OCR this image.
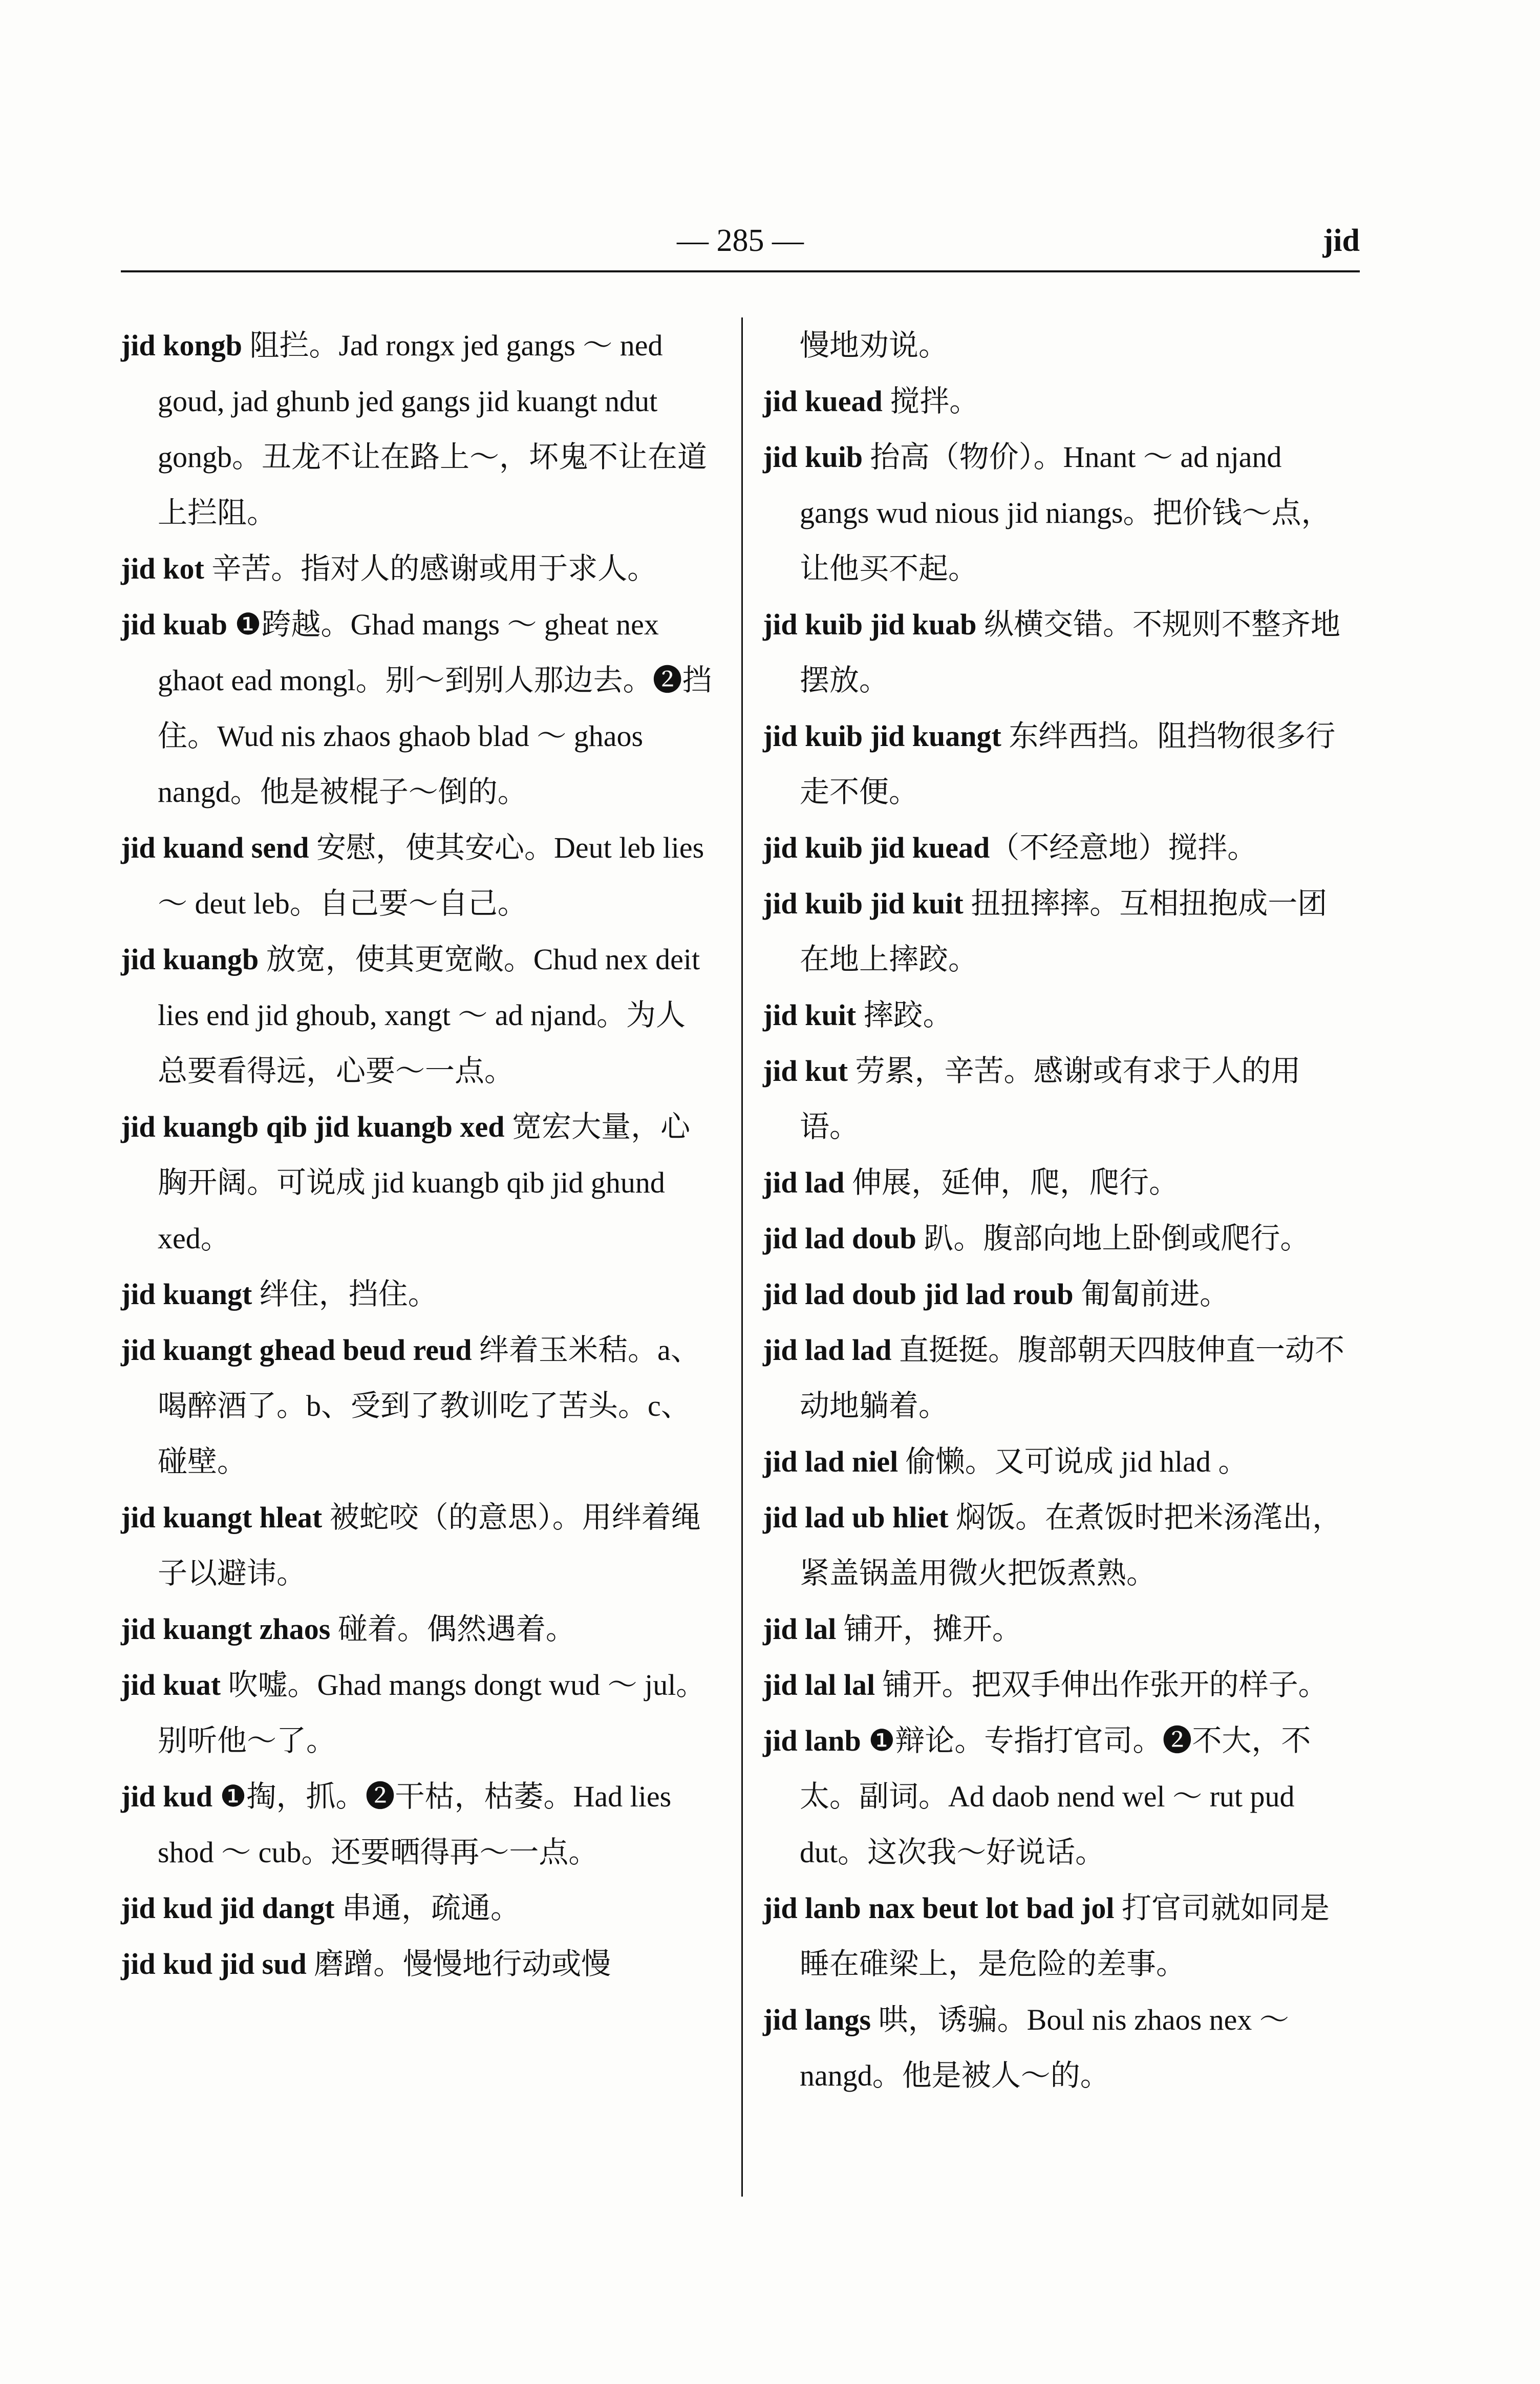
— 285 —	jid
jid kongb 阻拦。Jad rongx jed gangs ～ ned goud, jad ghunb jed gangs jid kuangt ndut gongb。丑龙不让在路上～，坏鬼不让在道上拦阻。
jid kot 辛苦。指对人的感谢或用于求人。
jid kuab ❶跨越。Ghad mangs ～ gheat nex ghaot ead mongl。别～到别人那边去。❷挡住。Wud nis zhaos ghaob blad ～ ghaos nangd。他是被棍子～倒的。
jid kuand send 安慰，使其安心。Deut leb lies ～ deut leb。自己要～自己。
jid kuangb 放宽，使其更宽敞。Chud nex deit lies end jid ghoub, xangt ～ ad njand。为人总要看得远，心要～一点。
jid kuangb qib jid kuangb xed 宽宏大量，心胸开阔。可说成 jid kuangb qib jid ghund xed。
jid kuangt 绊住，挡住。
jid kuangt ghead beud reud 绊着玉米秸。a、喝醉酒了。b、受到了教训吃了苦头。c、碰壁。
jid kuangt hleat 被蛇咬（的意思）。用绊着绳子以避讳。
jid kuangt zhaos 碰着。偶然遇着。
jid kuat 吹嘘。Ghad mangs dongt wud ～ jul。别听他～了。
jid kud ❶掏，抓。❷干枯，枯萎。Had lies shod ～ cub。还要晒得再～一点。
jid kud jid dangt 串通，疏通。
jid kud jid sud 磨蹭。慢慢地行动或慢
慢地劝说。
jid kuead 搅拌。
jid kuib 抬高（物价）。Hnant ～ ad njand gangs wud nious jid niangs。把价钱～点，让他买不起。
jid kuib jid kuab 纵横交错。不规则不整齐地摆放。
jid kuib jid kuangt 东绊西挡。阻挡物很多行走不便。
jid kuib jid kuead（不经意地）搅拌。
jid kuib jid kuit 扭扭摔摔。互相扭抱成一团在地上摔跤。
jid kuit 摔跤。
jid kut 劳累，辛苦。感谢或有求于人的用语。
jid lad 伸展，延伸，爬，爬行。
jid lad doub 趴。腹部向地上卧倒或爬行。
jid lad doub jid lad roub 匍匐前进。
jid lad lad 直挺挺。腹部朝天四肢伸直一动不动地躺着。
jid lad niel 偷懒。又可说成 jid hlad 。
jid lad ub hliet 焖饭。在煮饭时把米汤滗出，紧盖锅盖用微火把饭煮熟。
jid lal 铺开，摊开。
jid lal lal 铺开。把双手伸出作张开的样子。
jid lanb ❶辩论。专指打官司。❷不大，不太。副词。Ad daob nend wel ～ rut pud dut。这次我～好说话。
jid lanb nax beut lot bad jol 打官司就如同是睡在碓梁上，是危险的差事。
jid langs 哄，诱骗。Boul nis zhaos nex ～ nangd。他是被人～的。
